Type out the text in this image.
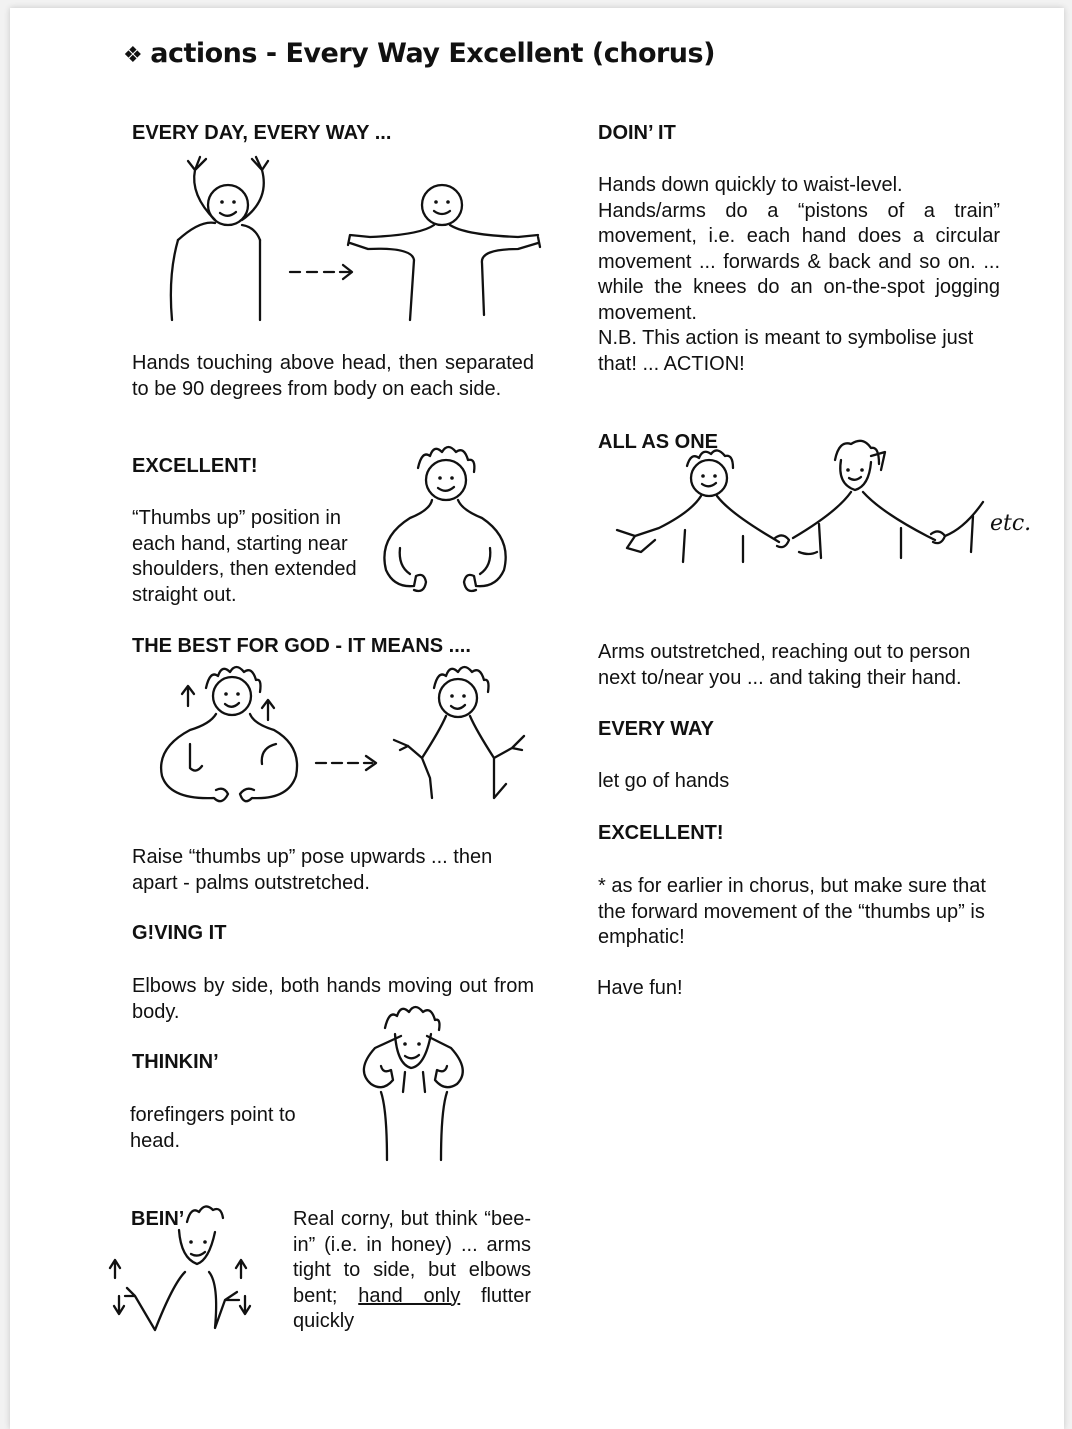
❖ actions - Every Way Excellent (chorus)
EVERY DAY, EVERY WAY ...
Hands touching above head, then separated to be 90 degrees from body on each side.
EXCELLENT!
“Thumbs up” position in each hand, starting near shoulders, then extended straight out.
THE BEST FOR GOD - IT MEANS ....
Raise “thumbs up” pose upwards ... then apart - palms outstretched.
G!VING IT
Elbows by side, both hands moving out from body.
THINKIN’
forefingers point to head.
BEIN’	Real corny, but think “bee-in” (i.e. in honey) ... arms tight to side, but elbows bent; hand only flutter quickly
DOIN’ IT
Hands down quickly to waist-level.
Hands/arms do a “pistons of a train” movement, i.e. each hand does a circular movement ... forwards & back and so on. ... while the knees do an on-the-spot jogging movement.
N.B. This action is meant to symbolise just that! ... ACTION!
ALL AS ONE
etc.
Arms outstretched, reaching out to person next to/near you ... and taking their hand.
EVERY WAY
let go of hands
EXCELLENT!
* as for earlier in chorus, but make sure that the forward movement of the “thumbs up” is emphatic!
Have fun!
